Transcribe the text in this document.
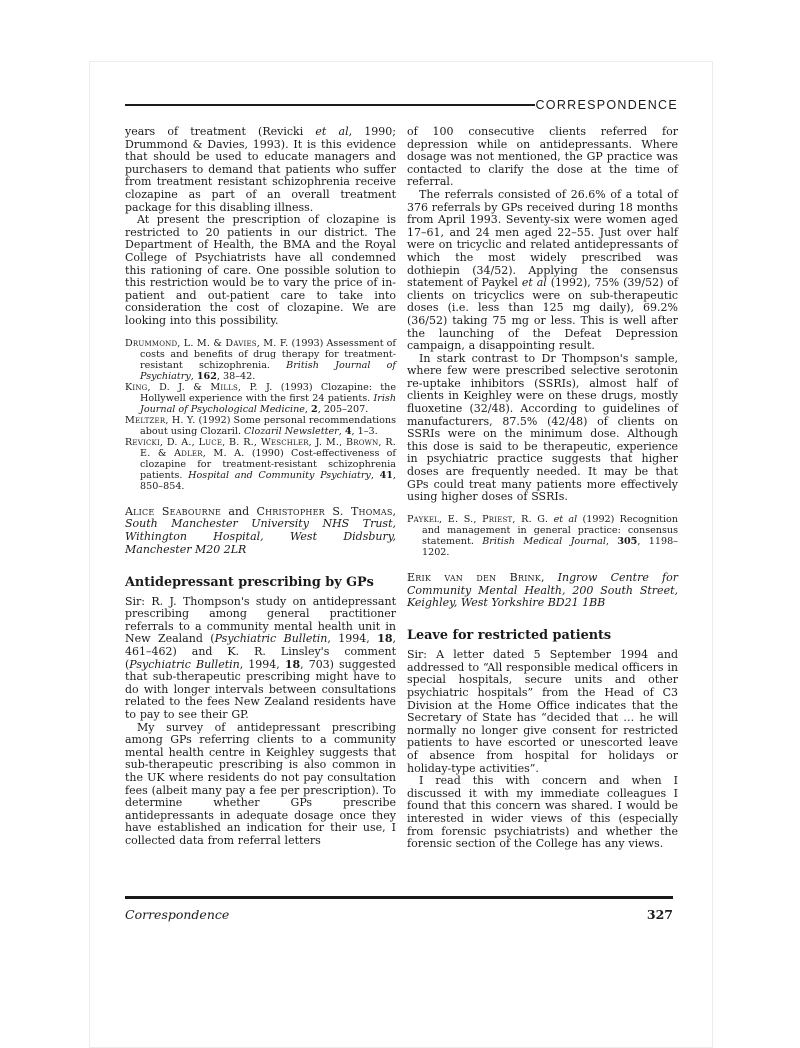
CORRESPONDENCE

years of treatment (Revicki et al, 1990; Drummond & Davies, 1993). It is this evidence that should be used to educate managers and purchasers to demand that patients who suffer from treatment resistant schizophrenia receive clozapine as part of an overall treatment package for this disabling illness.

At present the prescription of clozapine is restricted to 20 patients in our district. The Department of Health, the BMA and the Royal College of Psychiatrists have all condemned this rationing of care. One possible solution to this restriction would be to vary the price of in-patient and out-patient care to take into consideration the cost of clozapine. We are looking into this possibility.

Drummond, L. M. & Davies, M. F. (1993) Assessment of costs and benefits of drug therapy for treatment-resistant schizophrenia. British Journal of Psychiatry, 162, 38–42.

King, D. J. & Mills, P. J. (1993) Clozapine: the Hollywell experience with the first 24 patients. Irish Journal of Psychological Medicine, 2, 205–207.

Meltzer, H. Y. (1992) Some personal recommendations about using Clozaril. Clozaril Newsletter, 4, 1–3.

Revicki, D. A., Luce, B. R., Weschler, J. M., Brown, R. E. & Adler, M. A. (1990) Cost-effectiveness of clozapine for treatment-resistant schizophrenia patients. Hospital and Community Psychiatry, 41, 850–854.

Alice Seabourne and Christopher S. Thomas, South Manchester University NHS Trust, Withington Hospital, West Didsbury, Manchester M20 2LR

Antidepressant prescribing by GPs

Sir: R. J. Thompson's study on antidepressant prescribing among general practitioner referrals to a community mental health unit in New Zealand (Psychiatric Bulletin, 1994, 18, 461–462) and K. R. Linsley's comment (Psychiatric Bulletin, 1994, 18, 703) suggested that sub-therapeutic prescribing might have to do with longer intervals between consultations related to the fees New Zealand residents have to pay to see their GP.

My survey of antidepressant prescribing among GPs referring clients to a community mental health centre in Keighley suggests that sub-therapeutic prescribing is also common in the UK where residents do not pay consultation fees (albeit many pay a fee per prescription). To determine whether GPs prescribe antidepressants in adequate dosage once they have established an indication for their use, I collected data from referral letters

of 100 consecutive clients referred for depression while on antidepressants. Where dosage was not mentioned, the GP practice was contacted to clarify the dose at the time of referral.

The referrals consisted of 26.6% of a total of 376 referrals by GPs received during 18 months from April 1993. Seventy-six were women aged 17–61, and 24 men aged 22–55. Just over half were on tricyclic and related antidepressants of which the most widely prescribed was dothiepin (34/52). Applying the consensus statement of Paykel et al (1992), 75% (39/52) of clients on tricyclics were on sub-therapeutic doses (i.e. less than 125 mg daily), 69.2% (36/52) taking 75 mg or less. This is well after the launching of the Defeat Depression campaign, a disappointing result.

In stark contrast to Dr Thompson's sample, where few were prescribed selective serotonin re-uptake inhibitors (SSRIs), almost half of clients in Keighley were on these drugs, mostly fluoxetine (32/48). According to guidelines of manufacturers, 87.5% (42/48) of clients on SSRIs were on the minimum dose. Although this dose is said to be therapeutic, experience in psychiatric practice suggests that higher doses are frequently needed. It may be that GPs could treat many patients more effectively using higher doses of SSRIs.

Paykel, E. S., Priest, R. G. et al (1992) Recognition and management in general practice: consensus statement. British Medical Journal, 305, 1198–1202.

Erik van den Brink, Ingrow Centre for Community Mental Health, 200 South Street, Keighley, West Yorkshire BD21 1BB

Leave for restricted patients

Sir: A letter dated 5 September 1994 and addressed to “All responsible medical officers in special hospitals, secure units and other psychiatric hospitals” from the Head of C3 Division at the Home Office indicates that the Secretary of State has “decided that … he will normally no longer give consent for restricted patients to have escorted or unescorted leave of absence from hospital for holidays or holiday-type activities”.

I read this with concern and when I discussed it with my immediate colleagues I found that this concern was shared. I would be interested in wider views of this (especially from forensic psychiatrists) and whether the forensic section of the College has any views.

Correspondence	327
